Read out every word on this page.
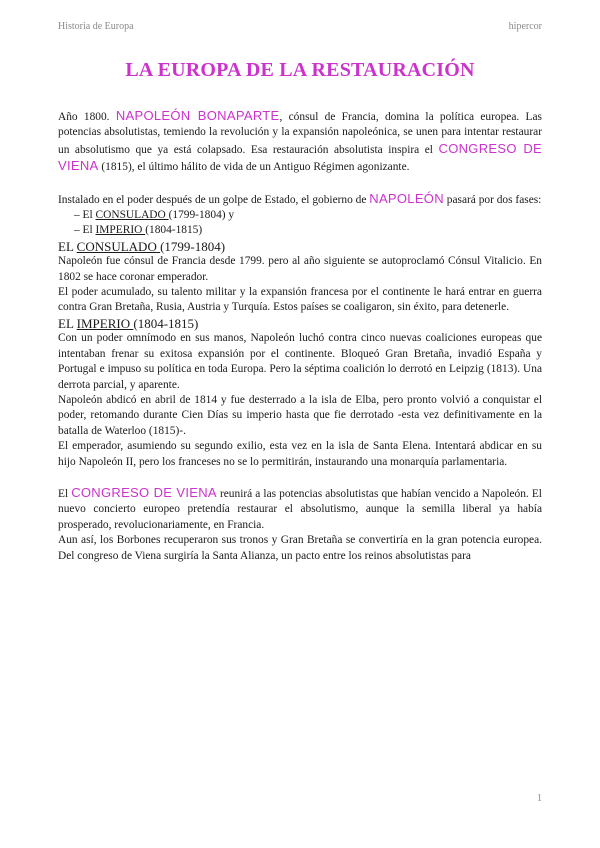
Historia de Europa	hipercor
LA EUROPA DE LA RESTAURACIÓN

Año 1800. NAPOLEÓN BONAPARTE, cónsul de Francia, domina la política europea. Las potencias absolutistas, temiendo la revolución y la expansión napoleónica, se unen para intentar restaurar un absolutismo que ya está colapsado. Esa restauración absolutista inspira el CONGRESO DE VIENA (1815), el último hálito de vida de un Antiguo Régimen agonizante.

Instalado en el poder después de un golpe de Estado, el gobierno de NAPOLEÓN pasará por dos fases:

– El CONSULADO (1799-1804) y
– El IMPERIO (1804-1815)

EL CONSULADO (1799-1804)

Napoleón fue cónsul de Francia desde 1799. pero al año siguiente se autoproclamó Cónsul Vitalicio. En 1802 se hace coronar emperador.

El poder acumulado, su talento militar y la expansión francesa por el continente le hará entrar en guerra contra Gran Bretaña, Rusia, Austria y Turquía. Estos países se coaligaron, sin éxito, para detenerle.

EL IMPERIO (1804-1815)

Con un poder omnímodo en sus manos, Napoleón luchó contra cinco nuevas coaliciones europeas que intentaban frenar su exitosa expansión por el continente. Bloqueó Gran Bretaña, invadió España y Portugal e impuso su política en toda Europa. Pero la séptima coalición lo derrotó en Leipzig (1813). Una derrota parcial, y aparente.

Napoleón abdicó en abril de 1814 y fue desterrado a la isla de Elba, pero pronto volvió a conquistar el poder, retomando durante Cien Días su imperio hasta que fie derrotado -esta vez definitivamente en la batalla de Waterloo (1815)-.

El emperador, asumiendo su segundo exilio, esta vez en la isla de Santa Elena. Intentará abdicar en su hijo Napoleón II, pero los franceses no se lo permitirán, instaurando una monarquía parlamentaria.

El CONGRESO DE VIENA reunirá a las potencias absolutistas que habían vencido a Napoleón. El nuevo concierto europeo pretendía restaurar el absolutismo, aunque la semilla liberal ya había prosperado, revolucionariamente, en Francia.

Aun así, los Borbones recuperaron sus tronos y Gran Bretaña se convertiría en la gran potencia europea. Del congreso de Viena surgiría la Santa Alianza, un pacto entre los reinos absolutistas para

1
